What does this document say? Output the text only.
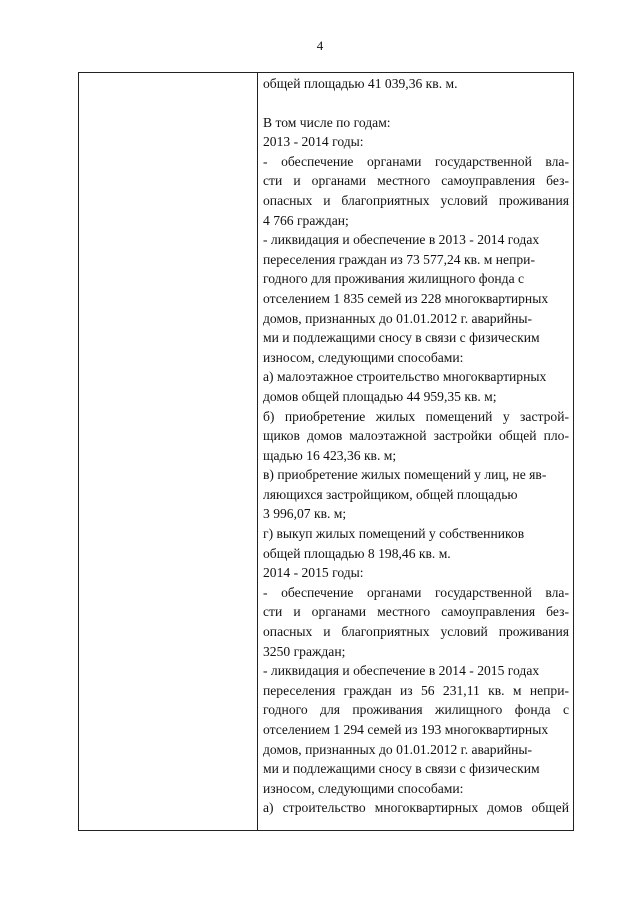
4
общей площадью 41 039,36 кв. м.
В том числе по годам:
2013 - 2014 годы:
- обеспечение органами государственной вла-
сти и органами местного самоуправления без-
опасных и благоприятных условий проживания
4 766 граждан;
- ликвидация и обеспечение в 2013 - 2014 годах
переселения граждан из 73 577,24 кв. м непри-
годного для проживания жилищного фонда с
отселением 1 835 семей из 228 многоквартирных
домов, признанных до 01.01.2012 г. аварийны-
ми и подлежащими сносу в связи с физическим
износом, следующими способами:
а) малоэтажное строительство многоквартирных
домов общей площадью 44 959,35 кв. м;
б) приобретение жилых помещений у застрой-
щиков домов малоэтажной застройки общей пло-
щадью 16 423,36 кв. м;
в) приобретение жилых помещений у лиц, не яв-
ляющихся застройщиком, общей площадью
3 996,07 кв. м;
г) выкуп жилых помещений у собственников
общей площадью 8 198,46 кв. м.
2014 - 2015 годы:
- обеспечение органами государственной вла-
сти и органами местного самоуправления без-
опасных и благоприятных условий проживания
3250 граждан;
- ликвидация и обеспечение в 2014 - 2015 годах
переселения граждан из 56 231,11 кв. м непри-
годного для проживания жилищного фонда с
отселением 1 294 семей из 193 многоквартирных
домов, признанных до 01.01.2012 г. аварийны-
ми и подлежащими сносу в связи с физическим
износом, следующими способами:
а) строительство многоквартирных домов общей
